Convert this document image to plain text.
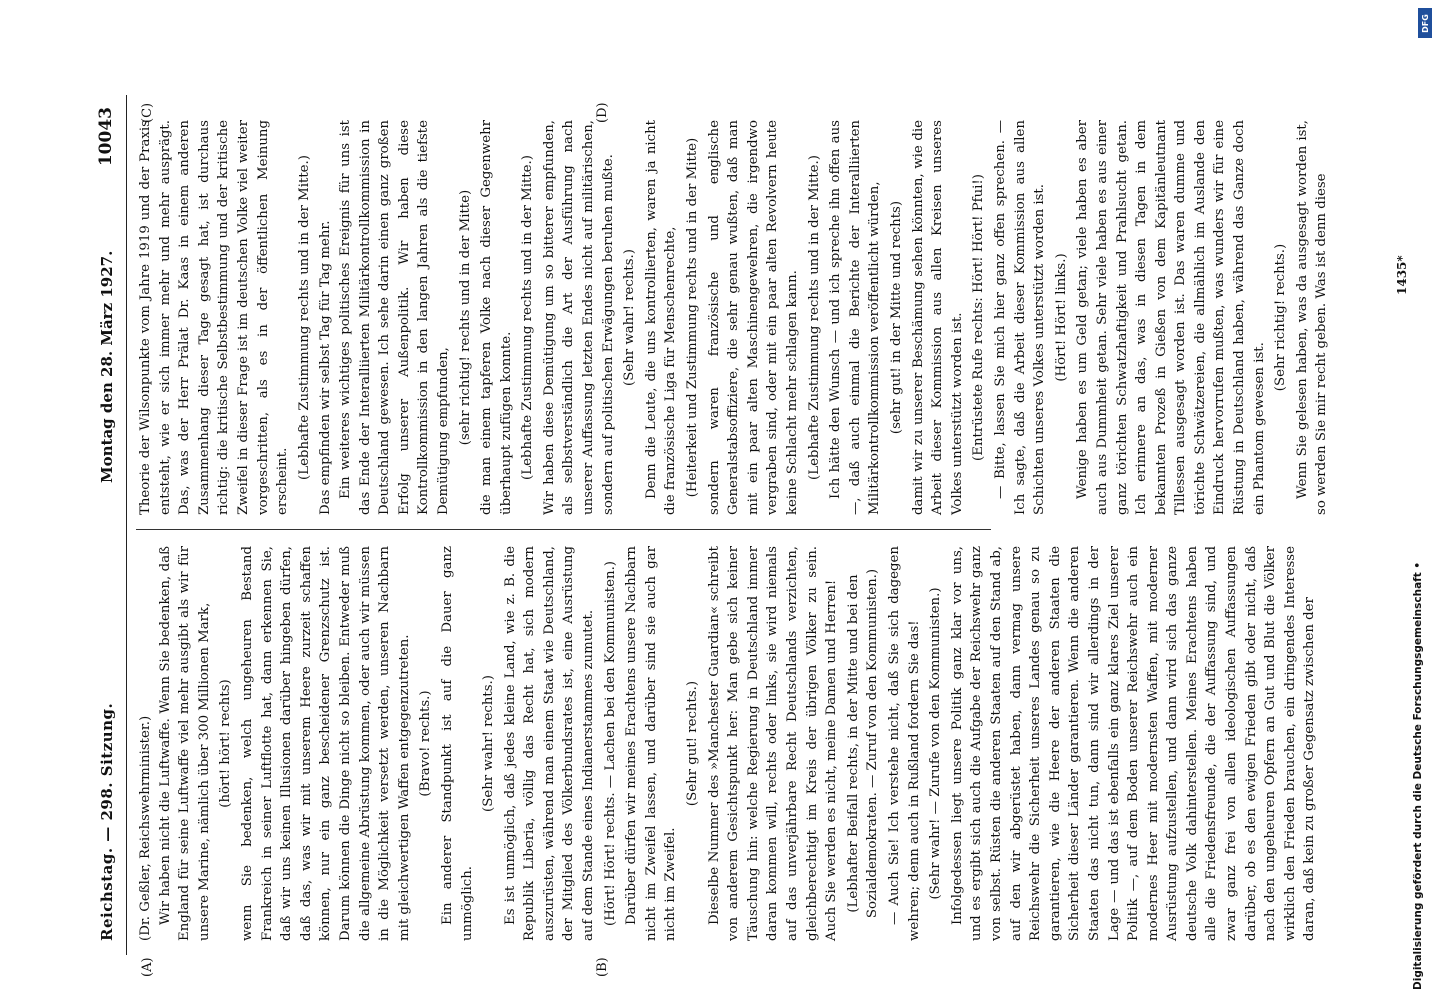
Reichstag. — 298. Sitzung.
Montag den 28. März 1927.
10043
(A)	(B)
(C)	(D)

(Dr. Geßler, Reichswehrminister.) Wir haben nicht die Luftwaffe. Wenn Sie bedenken, daß England für seine Luftwaffe viel mehr ausgibt als wir für unsere Marine, nämlich über 300 Millionen Mark, (hört! hört! rechts) wenn Sie bedenken, welch ungeheuren Bestand Frankreich in seiner Luftflotte hat, dann erkennen Sie, daß wir uns keinen Illusionen darüber hingeben dürfen, daß das, was wir mit unserem Heere zurzeit schaffen können, nur ein ganz bescheidener Grenzschutz ist. Darum können die Dinge nicht so bleiben. Entweder muß die allgemeine Abrüstung kommen, oder auch wir müssen in die Möglichkeit versetzt werden, unseren Nachbarn mit gleichwertigen Waffen entgegenzutreten. (Bravo! rechts.) Ein anderer Standpunkt ist auf die Dauer ganz unmöglich.

(Sehr wahr! rechts.) Es ist unmöglich, daß jedes kleine Land, wie z. B. die Republik Liberia, völlig das Recht hat, sich modern auszurüsten, während man einem Staat wie Deutschland, der Mitglied des Völkerbundsrates ist, eine Ausrüstung auf dem Stande eines Indianerstammes zumutet. (Hört! Hört! rechts. — Lachen bei den Kommunisten.) Darüber dürfen wir meines Erachtens unsere Nachbarn nicht im Zweifel lassen, und darüber sind sie auch gar nicht im Zweifel.

(Sehr gut! rechts.) Dieselbe Nummer des »Manchester Guardian« schreibt von anderem Gesichtspunkt her: Man gebe sich keiner Täuschung hin: welche Regierung in Deutschland immer daran kommen will, rechts oder links, sie wird niemals auf das unverjährbare Recht Deutschlands verzichten, gleichberechtigt im Kreis der übrigen Völker zu sein. Auch Sie werden es nicht, meine Damen und Herren! (Lebhafter Beifall rechts, in der Mitte und bei den Sozialdemokraten. — Zuruf von den Kommunisten.) — Auch Sie! Ich verstehe nicht, daß Sie sich dagegen wehren; denn auch in Rußland fordern Sie das! (Sehr wahr! — Zurufe von den Kommunisten.) Infolgedessen liegt unsere Politik ganz klar vor uns, und es ergibt sich auch die Aufgabe der Reichswehr ganz von selbst. Rüsten die anderen Staaten auf den Stand ab, auf den wir abgerüstet haben, dann vermag unsere Reichswehr die Sicherheit unseres Landes genau so zu garantieren, wie die Heere der anderen Staaten die Sicherheit dieser Länder garantieren. Wenn die anderen Staaten das nicht tun, dann sind wir allerdings in der Lage — und das ist ebenfalls ein ganz klares Ziel unserer Politik —, auf dem Boden unserer Reichswehr auch ein modernes Heer mit modernsten Waffen, mit moderner Ausrüstung aufzustellen, und dann wird sich das ganze deutsche Volk dahinterstellen. Meines Erachtens haben alle die Friedensfreunde, die der Auffassung sind, und zwar ganz frei von allen ideologischen Auffassungen darüber, ob es den ewigen Frieden gibt oder nicht, daß nach den ungeheuren Opfern an Gut und Blut die Völker wirklich den Frieden brauchen, ein dringendes Interesse daran, daß kein zu großer Gegensatz zwischen der

Theorie der Wilsonpunkte vom Jahre 1919 und der Praxis entsteht, wie er sich immer mehr und mehr ausprägt. Das, was der Herr Prälat Dr. Kaas in einem anderen Zusammenhang dieser Tage gesagt hat, ist durchaus richtig: die kritische Selbstbestimmung und der kritische Zweifel in dieser Frage ist im deutschen Volke viel weiter vorgeschritten, als es in der öffentlichen Meinung erscheint.

(Lebhafte Zustimmung rechts und in der Mitte.) Das empfinden wir selbst Tag für Tag mehr. Ein weiteres wichtiges politisches Ereignis für uns ist das Ende der Interalliierten Militärkontrollkommission in Deutschland gewesen. Ich sehe darin einen ganz großen Erfolg unserer Außenpolitik. Wir haben diese Kontrollkommission in den langen Jahren als die tiefste Demütigung empfunden, (sehr richtig! rechts und in der Mitte) die man einem tapferen Volke nach dieser Gegenwehr überhaupt zufügen konnte. (Lebhafte Zustimmung rechts und in der Mitte.) Wir haben diese Demütigung um so bitterer empfunden, als selbstverständlich die Art der Ausführung nach unserer Auffassung letzten Endes nicht auf militärischen, sondern auf politischen Erwägungen beruhen mußte. (Sehr wahr! rechts.) Denn die Leute, die uns kontrollierten, waren ja nicht die französische Liga für Menschenrechte, (Heiterkeit und Zustimmung rechts und in der Mitte) sondern waren französische und englische Generalstabsoffiziere, die sehr genau wußten, daß man mit ein paar alten Maschinengewehren, die irgendwo vergraben sind, oder mit ein paar alten Revolvern heute keine Schlacht mehr schlagen kann. (Lebhafte Zustimmung rechts und in der Mitte.) Ich hätte den Wunsch — und ich spreche ihn offen aus —, daß auch einmal die Berichte der Interalliierten Militärkontrollkommission veröffentlicht würden, (sehr gut! in der Mitte und rechts) damit wir zu unserer Beschämung sehen könnten, wie die Arbeit dieser Kommission aus allen Kreisen unseres Volkes unterstützt worden ist. (Entrüstete Rufe rechts: Hört! Hört! Pfui!) — Bitte, lassen Sie mich hier ganz offen sprechen. — Ich sagte, daß die Arbeit dieser Kommission aus allen Schichten unseres Volkes unterstützt worden ist. (Hört! Hört! links.) Wenige haben es um Geld getan; viele haben es aber auch aus Dummheit getan. Sehr viele haben es aus einer ganz törichten Schwatzhaftigkeit und Prahlsucht getan. Ich erinnere an das, was in diesen Tagen in dem bekannten Prozeß in Gießen von dem Kapitänleutnant Tillessen ausgesagt worden ist. Das waren dumme und törichte Schwätzereien, die allmählich im Auslande den Eindruck hervorrufen mußten, was wunders wir für eine Rüstung in Deutschland haben, während das Ganze doch ein Phantom gewesen ist.

(Sehr richtig! rechts.) Wenn Sie gelesen haben, was da ausgesagt worden ist, so werden Sie mir recht geben. Was ist denn diese	1435*
Digitalisierung gefördert durch die Deutsche Forschungsgemeinschaft •
DFG
